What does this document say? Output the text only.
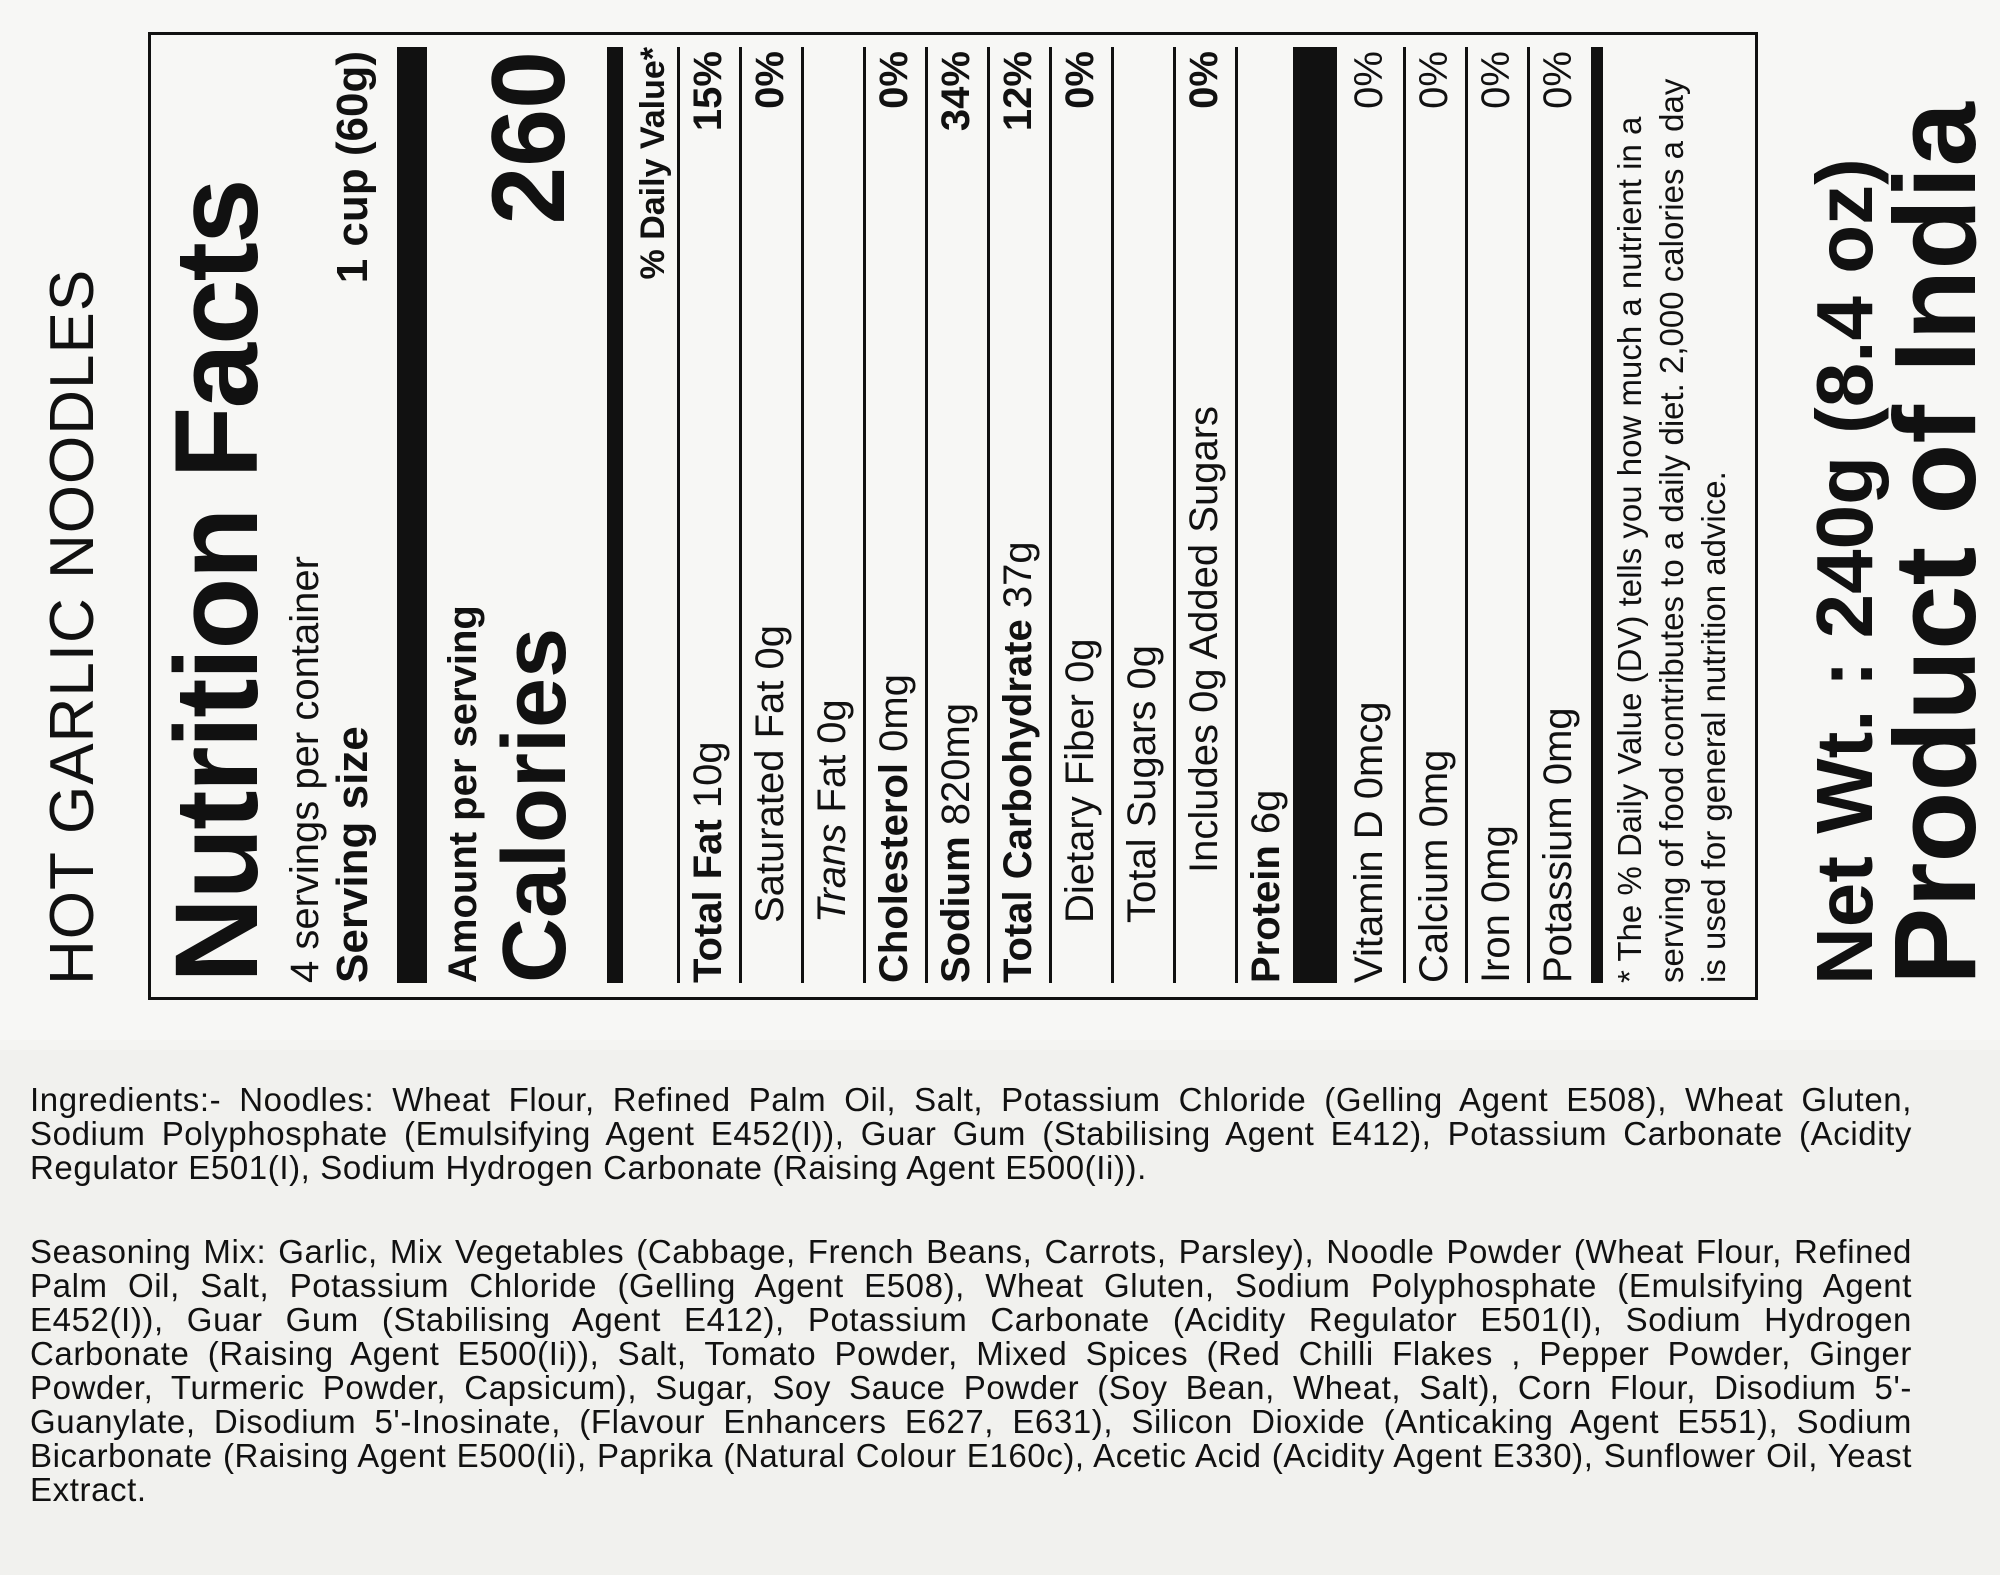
HOT GARLIC NOODLES Nutrition Facts 4 servings per container Serving size
1 cup (60g)
Amount per serving Calories
260 % Daily Value*
Total Fat 10g
15%
Saturated Fat 0g
0%
Trans Fat 0g
Cholesterol 0mg
0%
Sodium 820mg
34%
Total Carbohydrate 37g
12%
Dietary Fiber 0g
0%
Total Sugars 0g Includes 0g Added Sugars
0%
Protein 6g Vitamin D 0mcg
0%
Calcium 0mg
0%
Iron 0mg
0%
Potassium 0mg
0%
* The % Daily Value (DV) tells you how much a nutrient in a serving of food contributes to a daily diet. 2,000 calories a day is used for general nutrition advice. Net Wt. : 240g (8.4 oz)
Product of India
Ingredients:- Noodles: Wheat Flour, Refined Palm Oil, Salt, Potassium Chloride (Gelling Agent E508), Wheat Gluten, Sodium Polyphosphate (Emulsifying Agent E452(I)), Guar Gum (Stabilising Agent E412), Potassium Carbonate (Acidity Regulator E501(I), Sodium Hydrogen Carbonate (Raising Agent E500(Ii)).
Seasoning Mix: Garlic, Mix Vegetables (Cabbage, French Beans, Carrots, Parsley), Noodle Powder (Wheat Flour, Refined Palm Oil, Salt, Potassium Chloride (Gelling Agent E508), Wheat Gluten, Sodium Polyphosphate (Emulsifying Agent E452(I)), Guar Gum (Stabilising Agent E412), Potassium Carbonate (Acidity Regulator E501(I), Sodium Hydrogen Carbonate (Raising Agent E500(Ii)), Salt, Tomato Powder, Mixed Spices (Red Chilli Flakes , Pepper Powder, Ginger Powder, Turmeric Powder, Capsicum), Sugar, Soy Sauce Powder (Soy Bean, Wheat, Salt), Corn Flour, Disodium 5'-Guanylate, Disodium 5'-Inosinate, (Flavour Enhancers E627, E631), Silicon Dioxide (Anticaking Agent E551), Sodium Bicarbonate (Raising Agent E500(Ii), Paprika (Natural Colour E160c), Acetic Acid (Acidity Agent E330), Sunflower Oil, Yeast Extract.
